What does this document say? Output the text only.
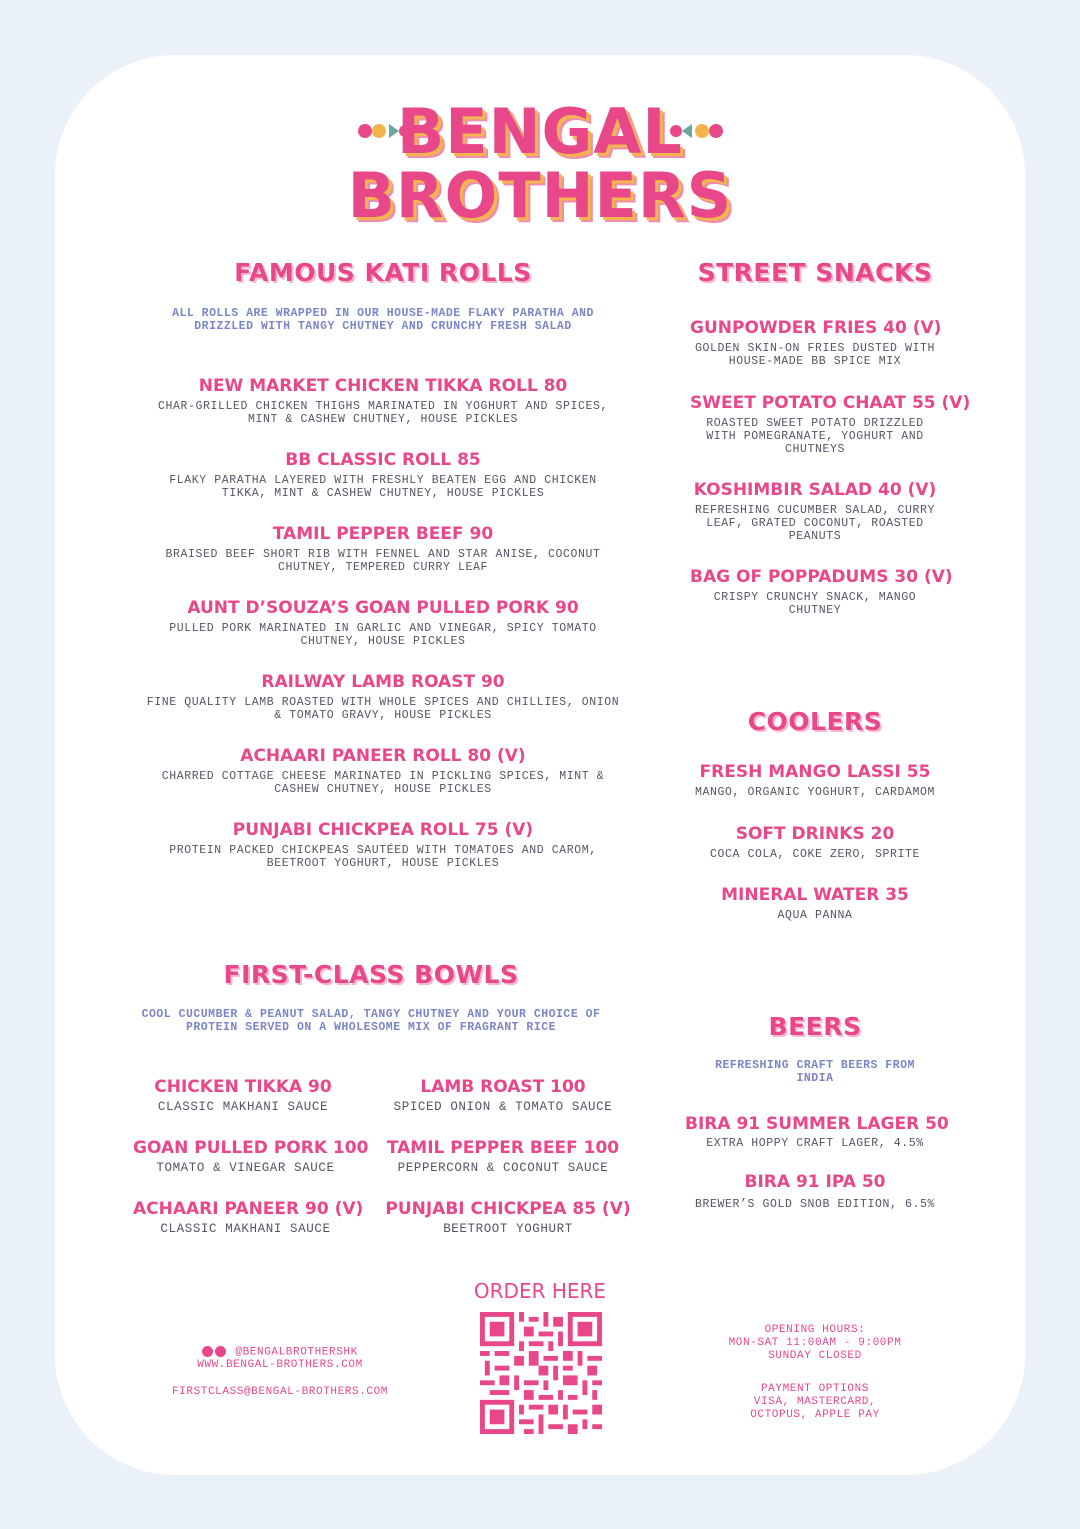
BENGAL
BROTHERS
FAMOUS KATI ROLLS
ALL ROLLS ARE WRAPPED IN OUR HOUSE-MADE FLAKY PARATHA AND DRIZZLED WITH TANGY CHUTNEY AND CRUNCHY FRESH SALAD
NEW MARKET CHICKEN TIKKA ROLL 80
CHAR-GRILLED CHICKEN THIGHS MARINATED IN YOGHURT AND SPICES, MINT & CASHEW CHUTNEY, HOUSE PICKLES
BB CLASSIC ROLL 85
FLAKY PARATHA LAYERED WITH FRESHLY BEATEN EGG AND CHICKEN TIKKA, MINT & CASHEW CHUTNEY, HOUSE PICKLES
TAMIL PEPPER BEEF 90
BRAISED BEEF SHORT RIB WITH FENNEL AND STAR ANISE, COCONUT CHUTNEY, TEMPERED CURRY LEAF
AUNT D’SOUZA’S GOAN PULLED PORK 90
PULLED PORK MARINATED IN GARLIC AND VINEGAR, SPICY TOMATO CHUTNEY, HOUSE PICKLES
RAILWAY LAMB ROAST 90
FINE QUALITY LAMB ROASTED WITH WHOLE SPICES AND CHILLIES, ONION & TOMATO GRAVY, HOUSE PICKLES
ACHAARI PANEER ROLL 80 (V)
CHARRED COTTAGE CHEESE MARINATED IN PICKLING SPICES, MINT & CASHEW CHUTNEY, HOUSE PICKLES
PUNJABI CHICKPEA ROLL 75 (V)
PROTEIN PACKED CHICKPEAS SAUTÉED WITH TOMATOES AND CAROM, BEETROOT YOGHURT, HOUSE PICKLES
STREET SNACKS
GUNPOWDER FRIES 40 (V)
GOLDEN SKIN-ON FRIES DUSTED WITH HOUSE-MADE BB SPICE MIX
SWEET POTATO CHAAT 55 (V)
ROASTED SWEET POTATO DRIZZLED WITH POMEGRANATE, YOGHURT AND CHUTNEYS
KOSHIMBIR SALAD 40 (V)
REFRESHING CUCUMBER SALAD, CURRY LEAF, GRATED COCONUT, ROASTED PEANUTS
BAG OF POPPADUMS 30 (V)
CRISPY CRUNCHY SNACK, MANGO CHUTNEY
COOLERS
FRESH MANGO LASSI 55
MANGO, ORGANIC YOGHURT, CARDAMOM
SOFT DRINKS 20
COCA COLA, COKE ZERO, SPRITE
MINERAL WATER 35
AQUA PANNA
FIRST-CLASS BOWLS
COOL CUCUMBER & PEANUT SALAD, TANGY CHUTNEY AND YOUR CHOICE OF PROTEIN SERVED ON A WHOLESOME MIX OF FRAGRANT RICE
CHICKEN TIKKA 90
CLASSIC MAKHANI SAUCE
LAMB ROAST 100
SPICED ONION & TOMATO SAUCE
GOAN PULLED PORK 100
TOMATO & VINEGAR SAUCE
TAMIL PEPPER BEEF 100
PEPPERCORN & COCONUT SAUCE
ACHAARI PANEER 90 (V)
CLASSIC MAKHANI SAUCE
PUNJABI CHICKPEA 85 (V)
BEETROOT YOGHURT
BEERS
REFRESHING CRAFT BEERS FROM INDIA
BIRA 91 SUMMER LAGER 50
EXTRA HOPPY CRAFT LAGER, 4.5%
BIRA 91 IPA 50
BREWER’S GOLD SNOB EDITION, 6.5%
@BENGALBROTHERSHK
WWW.BENGAL-BROTHERS.COM
FIRSTCLASS@BENGAL-BROTHERS.COM
ORDER HERE
OPENING HOURS:
MON-SAT 11:00AM - 9:00PM
SUNDAY CLOSED
PAYMENT OPTIONS
VISA, MASTERCARD,
OCTOPUS, APPLE PAY
